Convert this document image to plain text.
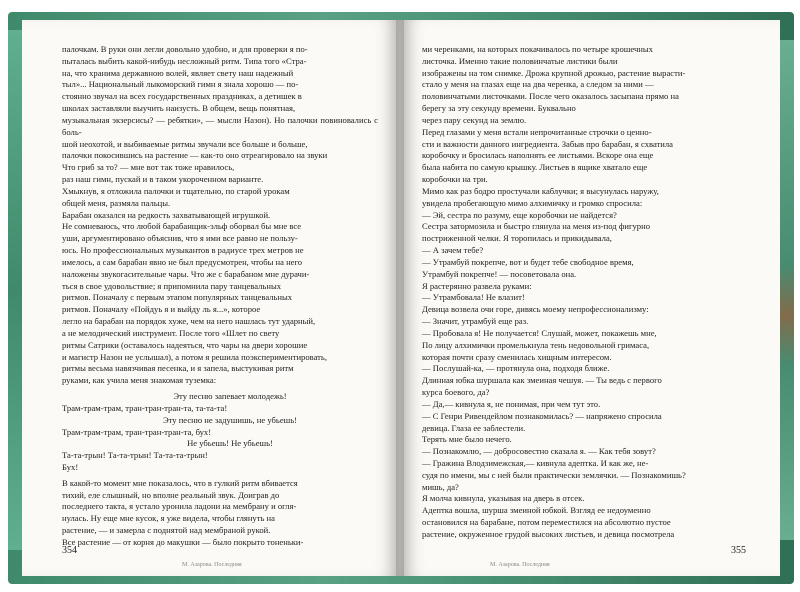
палочкам. В руки они легли довольно удобно, и для проверки я по-

пыталась выбить какой-нибудь несложный ритм. Типа того «Стра-

на, что хранима державною волей, являет свету наш надежный

тыл»... Национальный лыкоморский гимн я знала хорошо — по-

стоянно звучал на всех государственных праздниках, а детишек в

школах заставляли выучить наизусть. В общем, вещь понятная,

музыкальная экзерсисы? — ребятки», — мысли Назон). Но палочки повиновались с боль-

шой неохотой, и выбиваемые ритмы звучали все больше и больше,

палочки покосившись на растение — как-то оно отреагировало на звуки

Что гриб за то? — мне вот так тоже нравилось,

раз наш гимн, пускай и в таком укороченном варианте.

Хмыкнув, я отложила палочки и тщательно, по старой урокам

общей меня, размяла пальцы.

Барабан оказался на редкость захватывающей игрушкой.

Не сомневаюсь, что любой барабанщик-эльф оборвал бы мне все

уши, аргументировано объяснив, что я ими все равно не пользу-

юсь. Но профессиональных музыкантов в радиусе трех метров не

имелось, а сам барабан явно не был предусмотрен, чтобы на него

наложены звукогасительные чары. Что же с барабаном мне дурачи-

ться в свое удовольствие; я припомнила пару танцевальных

ритмов. Поначалу с первым этапом популярных танцевальных

ритмов. Поначалу «Пойдуь я и выйду ль я...», которое

легло на барабан на порядок хуже, чем на него нашлась тут ударный,

а не мелодический инструмент. После того «Шлет по свету

ритмы Сатрики (оставалось надеяться, что чары на двери хорошие

и магистр Назон не услышал), а потом я решила поэкспериментировать,

ритмы весьма навязчивая песенка, и я запела, выстукивая ритм

руками, как учила меня знакомая туземка:

Эту песню запевает молодежь!

Трам-трам-трам, тран-тран-тран-та, та-та-та!

Эту песню не задушишь, не убьешь!

Трам-трам-трам, тран-тран-тран-та, бух!

Не убьешь! Не убьешь!

Та-та-трын! Та-та-трын! Та-та-та-трын!

Бух!

В какой-то момент мне показалось, что в гулкий ритм вбивается

тихий, еле слышный, но вполне реальный звук. Доиграв до

последнего такта, я устало уронила ладони на мембрану и огля-

нулась. Ну еще мне кусок, я уже видела, чтобы глянуть на

растение, — и замерла с поднятой над мембраной рукой.

Все растение — от корня до макушки — было покрыто тоненьки-

354
М. Азарова. Последняя

ми черенками, на которых покачивалось по четыре крошечных

листочка. Именно такие половинчатые листики были

изображены на том снимке. Дрожа крупной дрожью, растение вырасти-

стало у меня на глазах еще на два черенка, а следом за ними —

половинчатыми листочками. После чего оказалось засыпана прямо на

берегу за эту секунду времени. Буквально

через пару секунд на землю.

Перед глазами у меня встали непрочитанные строчки о ценно-

сти и важности данного ингредиента. Забыв про барабан, я схватила

коробочку и бросилась наполнять ее листьями. Вскоре она еще

была набита по самую крышку. Листьев в ящике хватало еще

коробочки на три.

Мимо как раз бодро простучали каблучки; я высунулась наружу,

увидела пробегающую мимо алхимичку и громко спросила:

— Эй, сестра по разуму, еще коробочки не найдется?

Сестра затормозила и быстро глянула на меня из-под фигурно

постриженной челки. Я торопилась и прикидывала,

— А зачем тебе?

— Утрамбуй покрепче, вот и будет тебе свободное время,

Утрамбуй покрепче! — посоветовала она.

Я растерянно развела руками:

— Утрамбовала! Не влазит!

Девица возвела очи горе, дивясь моему непрофессионализму:

— Значит, утрамбуй еще раз.

— Пробовала я! Не получается! Слушай, может, покажешь мне,

По лицу алхимички промелькнула тень недовольной гримаса,

которая почти сразу сменилась хищным интересом.

— Послушай-ка, — протянула она, подходя ближе.

Длинная юбка шуршала как змеиная чешуя. — Ты ведь с первого

курса боевого, да?

— Да,— кивнула я, не понимая, при чем тут это.

— С Генри Ривендейлом познакомилась? — напряжено спросила

девица. Глаза ее заблестели.

Терять мне было нечего.

— Познакомлю, — добросовестно сказала я. — Как тебя зовут?

— Гражина Влодзимежская,— кивнула адептка. И как же, не-

судя по имени, мы с ней были практически землячки. — Познакомишь?

мишь, да?

Я молча кивнула, указывая на дверь в отсек.

Адептка вошла, шурша змеиной юбкой. Взгляд ее недоуменно

остановился на барабане, потом переместился на абсолютно пустое

растение, окруженное грудой высоких листьев, и девица посмотрела

355
М. Азарова. Последняя
